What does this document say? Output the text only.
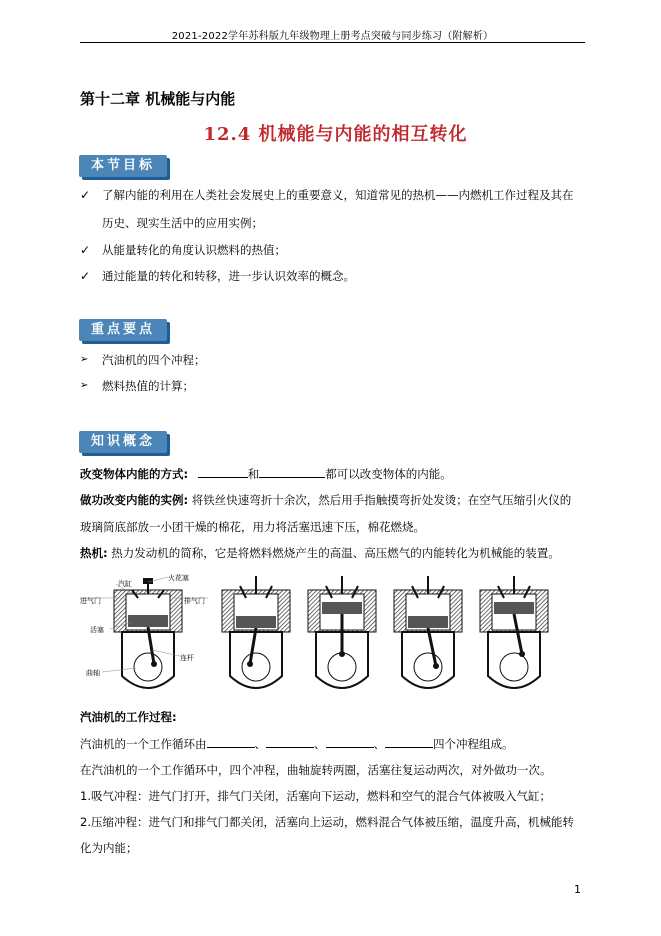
2021-2022学年苏科版九年级物理上册考点突破与同步练习（附解析）
第十二章 机械能与内能
12.4 机械能与内能的相互转化
本节目标
✓ 了解内能的利用在人类社会发展史上的重要意义，知道常见的热机——内燃机工作过程及其在
历史、现实生活中的应用实例；
✓ 从能量转化的角度认识燃料的热值；
✓ 通过能量的转化和转移，进一步认识效率的概念。
重点要点
➢ 汽油机的四个冲程；
➢ 燃料热值的计算；
知识概念
改变物体内能的方式:	和	都可以改变物体的内能。
做功改变内能的实例: 将铁丝快速弯折十余次，然后用手指触摸弯折处发烫；在空气压缩引火仪的
玻璃筒底部放一小团干燥的棉花，用力将活塞迅速下压，棉花燃烧。
热机: 热力发动机的简称，它是将燃料燃烧产生的高温、高压燃气的内能转化为机械能的装置。
火花塞
汽缸
进气门	排气门
活塞
连杆
曲轴
汽油机的工作过程:
汽油机的一个工作循环由	、	、	、	四个冲程组成。
在汽油机的一个工作循环中，四个冲程，曲轴旋转两圈，活塞往复运动两次，对外做功一次。
1.吸气冲程：进气门打开，排气门关闭，活塞向下运动，燃料和空气的混合气体被吸入气缸；
2.压缩冲程：进气门和排气门都关闭，活塞向上运动，燃料混合气体被压缩，温度升高，机械能转
化为内能；
1
